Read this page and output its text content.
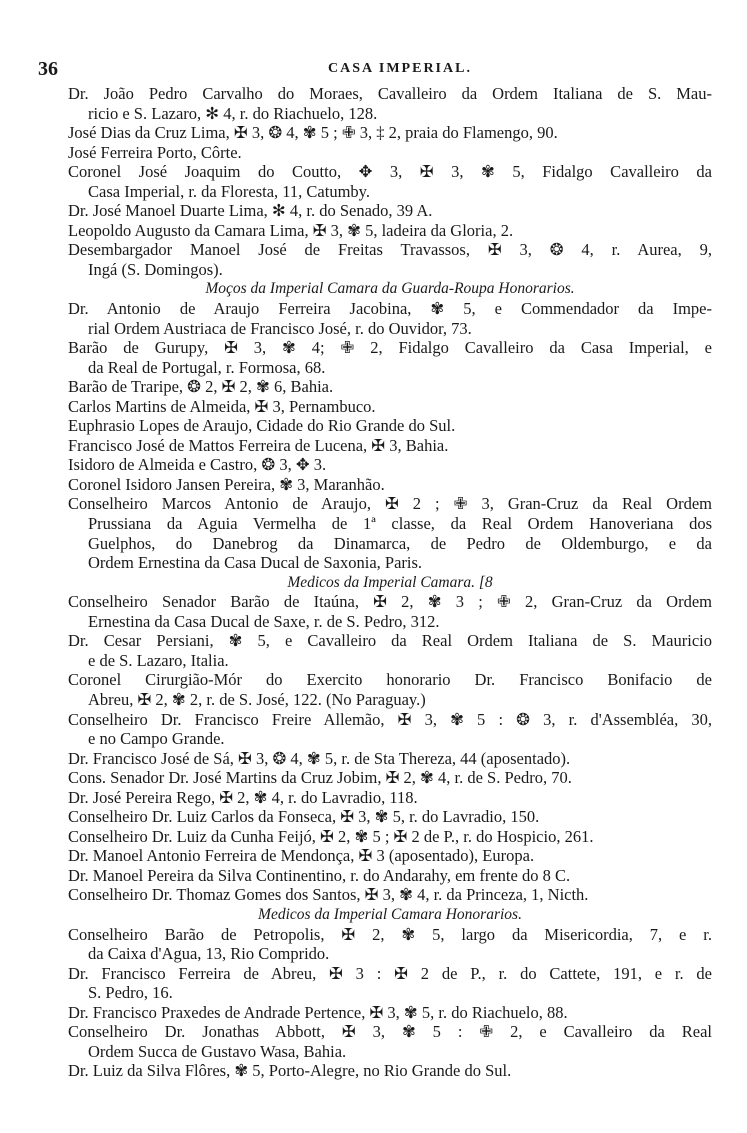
36	CASA IMPERIAL.
Dr. João Pedro Carvalho do Moraes, Cavalleiro da Ordem Italiana de S. Mau-
ricio e S. Lazaro, ✻ 4, r. do Riachuelo, 128.
José Dias da Cruz Lima, ✠ 3, ❂ 4, ✾ 5 ; ✙ 3, ‡ 2, praia do Flamengo, 90.
José Ferreira Porto, Côrte.
Coronel José Joaquim do Coutto, ✥ 3, ✠ 3, ✾ 5, Fidalgo Cavalleiro da
Casa Imperial, r. da Floresta, 11, Catumby.
Dr. José Manoel Duarte Lima, ✻ 4, r. do Senado, 39 A.
Leopoldo Augusto da Camara Lima, ✠ 3, ✾ 5, ladeira da Gloria, 2.
Desembargador Manoel José de Freitas Travassos, ✠ 3, ❂ 4, r. Aurea, 9,
Ingá (S. Domingos).
Moços da Imperial Camara da Guarda-Roupa Honorarios.
Dr. Antonio de Araujo Ferreira Jacobina, ✾ 5, e Commendador da Impe-
rial Ordem Austriaca de Francisco José, r. do Ouvidor, 73.
Barão de Gurupy, ✠ 3, ✾ 4; ✙ 2, Fidalgo Cavalleiro da Casa Imperial, e
da Real de Portugal, r. Formosa, 68.
Barão de Traripe, ❂ 2, ✠ 2, ✾ 6, Bahia.
Carlos Martins de Almeida, ✠ 3, Pernambuco.
Euphrasio Lopes de Araujo, Cidade do Rio Grande do Sul.
Francisco José de Mattos Ferreira de Lucena, ✠ 3, Bahia.
Isidoro de Almeida e Castro, ❂ 3, ✥ 3.
Coronel Isidoro Jansen Pereira, ✾ 3, Maranhão.
Conselheiro Marcos Antonio de Araujo, ✠ 2 ; ✙ 3, Gran-Cruz da Real Ordem
Prussiana da Aguia Vermelha de 1ª classe, da Real Ordem Hanoveriana dos
Guelphos, do Danebrog da Dinamarca, de Pedro de Oldemburgo, e da
Ordem Ernestina da Casa Ducal de Saxonia, Paris.
Medicos da Imperial Camara. [8
Conselheiro Senador Barão de Itaúna, ✠ 2, ✾ 3 ; ✙ 2, Gran-Cruz da Ordem
Ernestina da Casa Ducal de Saxe, r. de S. Pedro, 312.
Dr. Cesar Persiani, ✾ 5, e Cavalleiro da Real Ordem Italiana de S. Mauricio
e de S. Lazaro, Italia.
Coronel Cirurgião-Mór do Exercito honorario Dr. Francisco Bonifacio de
Abreu, ✠ 2, ✾ 2, r. de S. José, 122. (No Paraguay.)
Conselheiro Dr. Francisco Freire Allemão, ✠ 3, ✾ 5 : ❂ 3, r. d'Assembléa, 30,
e no Campo Grande.
Dr. Francisco José de Sá, ✠ 3, ❂ 4, ✾ 5, r. de Sta Thereza, 44 (aposentado).
Cons. Senador Dr. José Martins da Cruz Jobim, ✠ 2, ✾ 4, r. de S. Pedro, 70.
Dr. José Pereira Rego, ✠ 2, ✾ 4, r. do Lavradio, 118.
Conselheiro Dr. Luiz Carlos da Fonseca, ✠ 3, ✾ 5, r. do Lavradio, 150.
Conselheiro Dr. Luiz da Cunha Feijó, ✠ 2, ✾ 5 ; ✠ 2 de P., r. do Hospicio, 261.
Dr. Manoel Antonio Ferreira de Mendonça, ✠ 3 (aposentado), Europa.
Dr. Manoel Pereira da Silva Continentino, r. do Andarahy, em frente do 8 C.
Conselheiro Dr. Thomaz Gomes dos Santos, ✠ 3, ✾ 4, r. da Princeza, 1, Nicth.
Medicos da Imperial Camara Honorarios.
Conselheiro Barão de Petropolis, ✠ 2, ✾ 5, largo da Misericordia, 7, e r.
da Caixa d'Agua, 13, Rio Comprido.
Dr. Francisco Ferreira de Abreu, ✠ 3 : ✠ 2 de P., r. do Cattete, 191, e r. de
S. Pedro, 16.
Dr. Francisco Praxedes de Andrade Pertence, ✠ 3, ✾ 5, r. do Riachuelo, 88.
Conselheiro Dr. Jonathas Abbott, ✠ 3, ✾ 5 : ✙ 2, e Cavalleiro da Real
Ordem Succa de Gustavo Wasa, Bahia.
Dr. Luiz da Silva Flôres, ✾ 5, Porto-Alegre, no Rio Grande do Sul.
